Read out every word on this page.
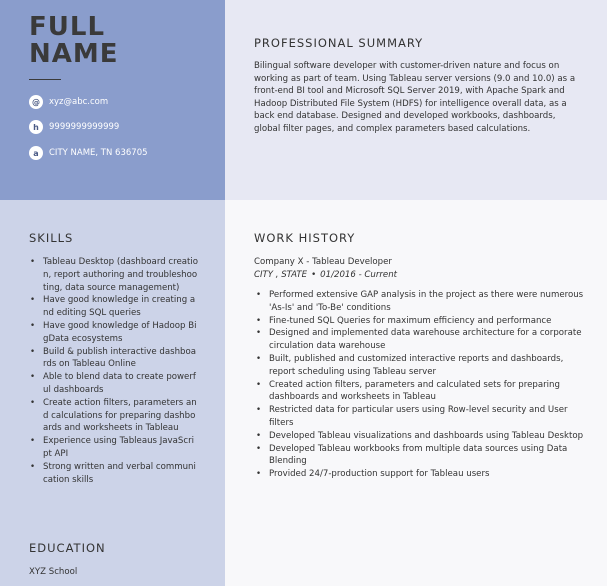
FULL
NAME
@	xyz@abc.com
h	9999999999999
a	CITY NAME, TN 636705
PROFESSIONAL SUMMARY

Bilingual software developer with customer-driven nature and focus on working as part of team. Using Tableau server versions (9.0 and 10.0) as a front-end BI tool and Microsoft SQL Server 2019, with Apache Spark and Hadoop Distributed File System (HDFS) for intelligence overall data, as a back end database. Designed and developed workbooks, dashboards, global filter pages, and complex parameters based calculations.

SKILLS
• Tableau Desktop (dashboard creation, report authoring and troubleshooting, data source management)
• Have good knowledge in creating and editing SQL queries
• Have good knowledge of Hadoop BigData ecosystems
• Build & publish interactive dashboards on Tableau Online
• Able to blend data to create powerful dashboards
• Create action filters, parameters and calculations for preparing dashboards and worksheets in Tableau
• Experience using Tableaus JavaScript API
• Strong written and verbal communication skills
EDUCATION

XYZ School

WORK HISTORY

Company X - Tableau Developer

CITY , STATE • 01/2016 - Current

• Performed extensive GAP analysis in the project as there were numerous 'As-Is' and 'To-Be' conditions
• Fine-tuned SQL Queries for maximum efficiency and performance
• Designed and implemented data warehouse architecture for a corporate circulation data warehouse
• Built, published and customized interactive reports and dashboards, report scheduling using Tableau server
• Created action filters, parameters and calculated sets for preparing dashboards and worksheets in Tableau
• Restricted data for particular users using Row-level security and User filters
• Developed Tableau visualizations and dashboards using Tableau Desktop
• Developed Tableau workbooks from multiple data sources using Data Blending
• Provided 24/7-production support for Tableau users
